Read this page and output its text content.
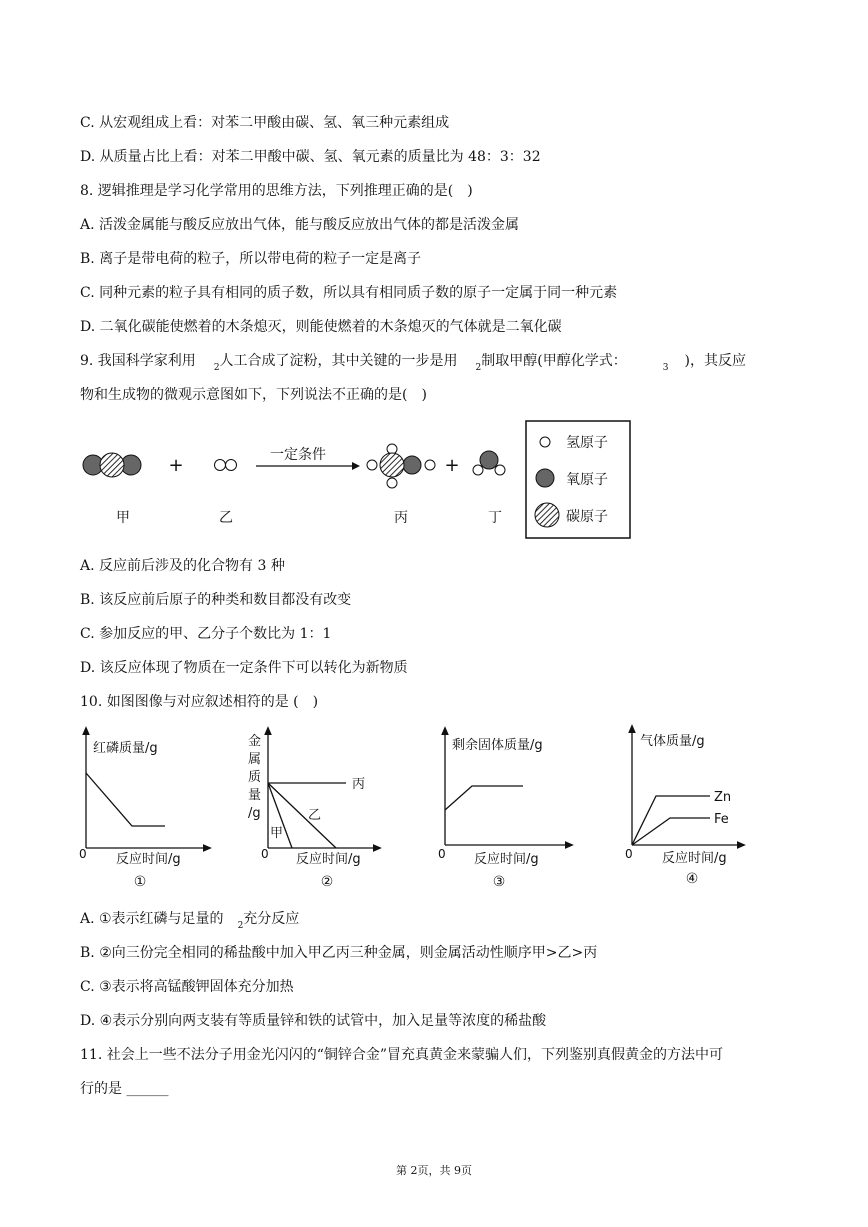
C. 从宏观组成上看：对苯二甲酸由碳、氢、氧三种元素组成
D. 从质量占比上看：对苯二甲酸中碳、氢、氧元素的质量比为 48：3：32
8. 逻辑推理是学习化学常用的思维方法，下列推理正确的是(　)
A. 活泼金属能与酸反应放出气体，能与酸反应放出气体的都是活泼金属
B. 离子是带电荷的粒子，所以带电荷的粒子一定是离子
C. 同种元素的粒子具有相同的质子数，所以具有相同质子数的原子一定属于同一种元素
D. 二氧化碳能使燃着的木条熄灭，则能使燃着的木条熄灭的气体就是二氧化碳
9. 我国科学家利用 $_2$人工合成了淀粉，其中关键的一步是用 $_2$制取甲醇(甲醇化学式：	$_3$ )，其反应
物和生成物的微观示意图如下，下列说法不正确的是(　)
+	一定条件	+
甲	乙	丙	丁
氢原子
氧原子
碳原子
A. 反应前后涉及的化合物有 3 种
B. 该反应前后原子的种类和数目都没有改变
C. 参加反应的甲、乙分子个数比为 1：1
D. 该反应体现了物质在一定条件下可以转化为新物质
10. 如图图像与对应叙述相符的是 (　)
红磷质量/g
反应时间/g
0
①
金
属
质
量
/g
丙
乙
甲
反应时间/g
0
②
剩余固体质量/g
反应时间/g
0
③
气体质量/g
Zn
Fe
反应时间/g
0
④
A. ①表示红磷与足量的 $_2$充分反应
B. ②向三份完全相同的稀盐酸中加入甲乙丙三种金属，则金属活动性顺序甲>乙>丙
C. ③表示将高锰酸钾固体充分加热
D. ④表示分别向两支装有等质量锌和铁的试管中，加入足量等浓度的稀盐酸
11. 社会上一些不法分子用金光闪闪的“铜锌合金”冒充真黄金来蒙骗人们，下列鉴别真假黄金的方法中可
行的是 ______
第 2页，共 9页
